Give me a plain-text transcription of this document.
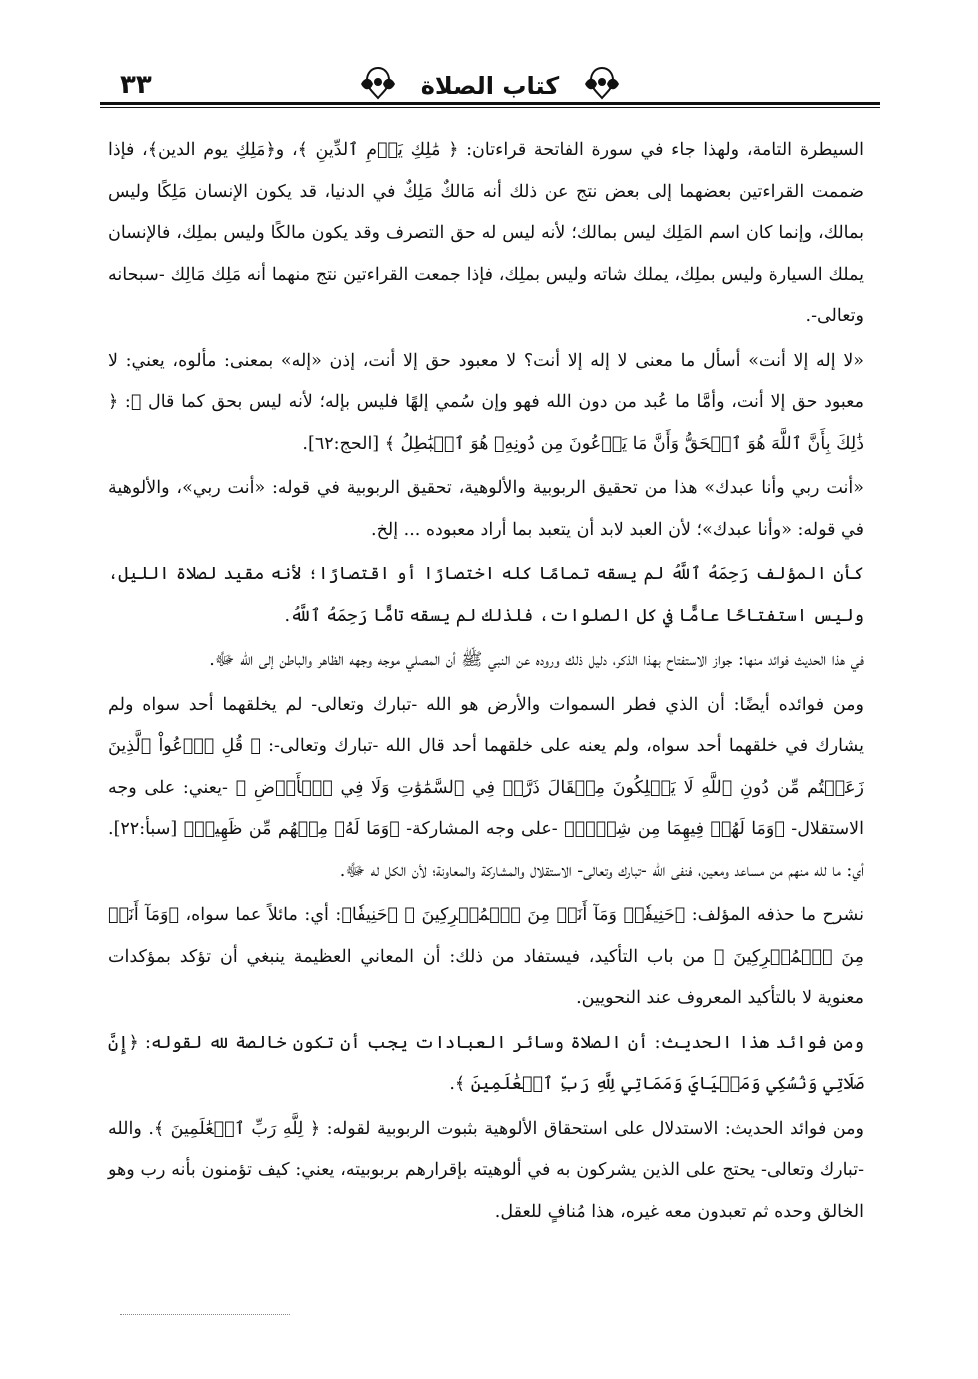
كتاب الصلاة
٣٣

السيطرة التامة، ولهذا جاء في سورة الفاتحة قراءتان: ﴿ مَٰلِكِ يَوۡمِ ٱلدِّينِ ﴾، و﴿مَلِكِ يوم الدين﴾، فإذا ضممت القراءتين بعضهما إلى بعض نتج عن ذلك أنه مَالكٌ مَلِكٌ في الدنيا، قد يكون الإنسان مَلِكًا وليس بمالك، وإنما كان اسم المَلِك ليس بمالك؛ لأنه ليس له حق التصرف وقد يكون مالكًا وليس بملِك، فالإنسان يملك السيارة وليس بملِك، يملك شاته وليس بملِك، فإذا جمعت القراءتين نتج منهما أنه مَلِك مَالِك -سبحانه وتعالى-.

«لا إله إلا أنت» أسأل ما معنى لا إله إلا أنت؟ لا معبود حق إلا أنت، إذن «إله» بمعنى: مألوه، يعني: لا معبود حق إلا أنت، وأمَّا ما عُبد من دون الله فهو وإن سُمي إلهًا فليس بإله؛ لأنه ليس بحق كما قال ﷻ: ﴿ ذَٰلِكَ بِأَنَّ ٱللَّهَ هُوَ ٱلۡحَقُّ وَأَنَّ مَا يَدۡعُونَ مِن دُونِهِۦ هُوَ ٱلۡبَٰطِلُ ﴾ [الحج:٦٢].

«أنت ربي وأنا عبدك» هذا من تحقيق الربوبية والألوهية، تحقيق الربوبية في قوله: «أنت ربي»، والألوهية في قوله: «وأنا عبدك»؛ لأن العبد لابد أن يتعبد بما أراد معبوده ... إلخ.

كأن المؤلف رَحِمَهُ ٱللَّهُ لم يسقه تمامًا كله اختصارًا أو اقتصارًا؛ لأنه مقيد لصلاة الليل، وليس استفتاحًا عامًّا في كل الصلوات، فلذلك لم يسقه تامًّا رَحِمَهُ ٱللَّهُ.

في هذا الحديث فوائد منها: جواز الاستفتاح بهذا الذكر، دليل ذلك وروده عن النبي ﷺ أن المصلي موجه وجهه الظاهر والباطن إلى الله ﷻ.

ومن فوائده أيضًا: أن الذي فطر السموات والأرض هو الله -تبارك وتعالى- لم يخلقهما أحد سواه ولم يشارك في خلقهما أحد سواه، ولم يعنه على خلقهما أحد قال الله -تبارك وتعالى-: ﴿ قُلِ ٱدۡعُواْ ٱلَّذِينَ زَعَمۡتُم مِّن دُونِ ٱللَّهِ لَا يَمۡلِكُونَ مِثۡقَالَ ذَرَّةٖ فِي ٱلسَّمَٰوَٰتِ وَلَا فِي ٱلۡأَرۡضِ ﴾ -يعني: على وجه الاستقلال- ﴿وَمَا لَهُمۡ فِيهِمَا مِن شِرۡكٖ﴾ -على وجه المشاركة- ﴿وَمَا لَهُۥ مِنۡهُم مِّن ظَهِيرٖ﴾ [سبأ:٢٢]. أي: ما لله منهم من مساعد ومعين، فنفى الله -تبارك وتعالى- الاستقلال والمشاركة والمعاونة؛ لأن الكل له ﷻ.

نشرح ما حذفه المؤلف: ﴿حَنِيفٗاۖ وَمَآ أَنَا۠ مِنَ ٱلۡمُشۡرِكِينَ ﴾ ﴿حَنِيفٗا﴾: أي: مائلاً عما سواه، ﴿وَمَآ أَنَا۠ مِنَ ٱلۡمُشۡرِكِينَ ﴾ من باب التأكيد، فيستفاد من ذلك: أن المعاني العظيمة ينبغي أن تؤكد بمؤكدات معنوية لا بالتأكيد المعروف عند النحويين.

ومن فوائد هذا الحديث: أن الصلاة وسائر العبادات يجب أن تكون خالصة لله لقوله: ﴿إِنَّ صَلَاتِي وَنُسُكِي وَمَحۡيَايَ وَمَمَاتِي لِلَّهِ رَبِّ ٱلۡعَٰلَمِينَ ﴾.

ومن فوائد الحديث: الاستدلال على استحقاق الألوهية بثبوت الربوبية لقوله: ﴿ لِلَّهِ رَبِّ ٱلۡعَٰلَمِينَ ﴾. والله -تبارك وتعالى- يحتج على الذين يشركون به في ألوهيته بإقرارهم بربوبيته، يعني: كيف تؤمنون بأنه رب وهو الخالق وحده ثم تعبدون معه غيره، هذا مُنافٍ للعقل.
